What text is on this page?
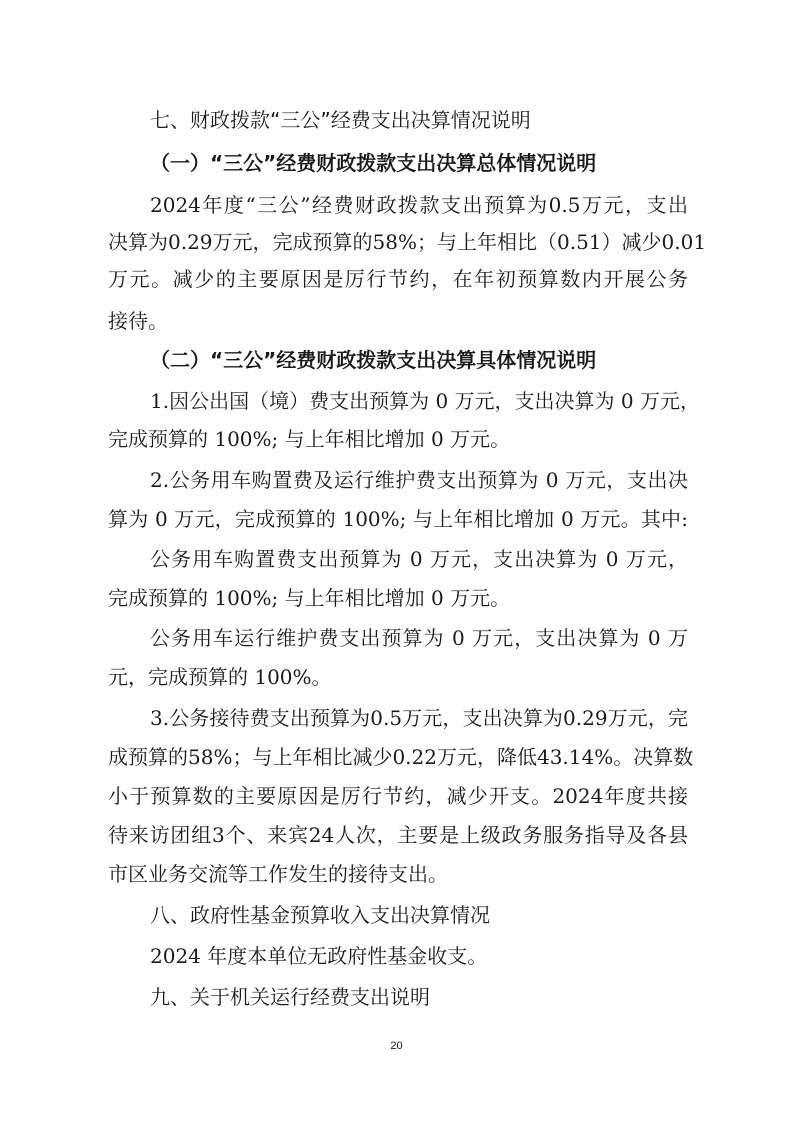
七、财政拨款“三公”经费支出决算情况说明
（一）“三公”经费财政拨款支出决算总体情况说明
2024年度“三公”经费财政拨款支出预算为0.5万元，支出
决算为0.29万元，完成预算的58%；与上年相比（0.51）减少0.01
万元。减少的主要原因是厉行节约，在年初预算数内开展公务
接待。
（二）“三公”经费财政拨款支出决算具体情况说明
1.因公出国（境）费支出预算为 0 万元，支出决算为 0 万元，
完成预算的 100%; 与上年相比增加 0 万元。
2.公务用车购置费及运行维护费支出预算为 0 万元，支出决
算为 0 万元，完成预算的 100%; 与上年相比增加 0 万元。其中:
公务用车购置费支出预算为 0 万元，支出决算为 0 万元，
完成预算的 100%; 与上年相比增加 0 万元。
公务用车运行维护费支出预算为 0 万元，支出决算为 0 万
元，完成预算的 100%。
3.公务接待费支出预算为0.5万元，支出决算为0.29万元，完
成预算的58%；与上年相比减少0.22万元，降低43.14%。决算数
小于预算数的主要原因是厉行节约，减少开支。2024年度共接
待来访团组3个、来宾24人次，主要是上级政务服务指导及各县
市区业务交流等工作发生的接待支出。
八、政府性基金预算收入支出决算情况
2024 年度本单位无政府性基金收支。
九、关于机关运行经费支出说明
20
